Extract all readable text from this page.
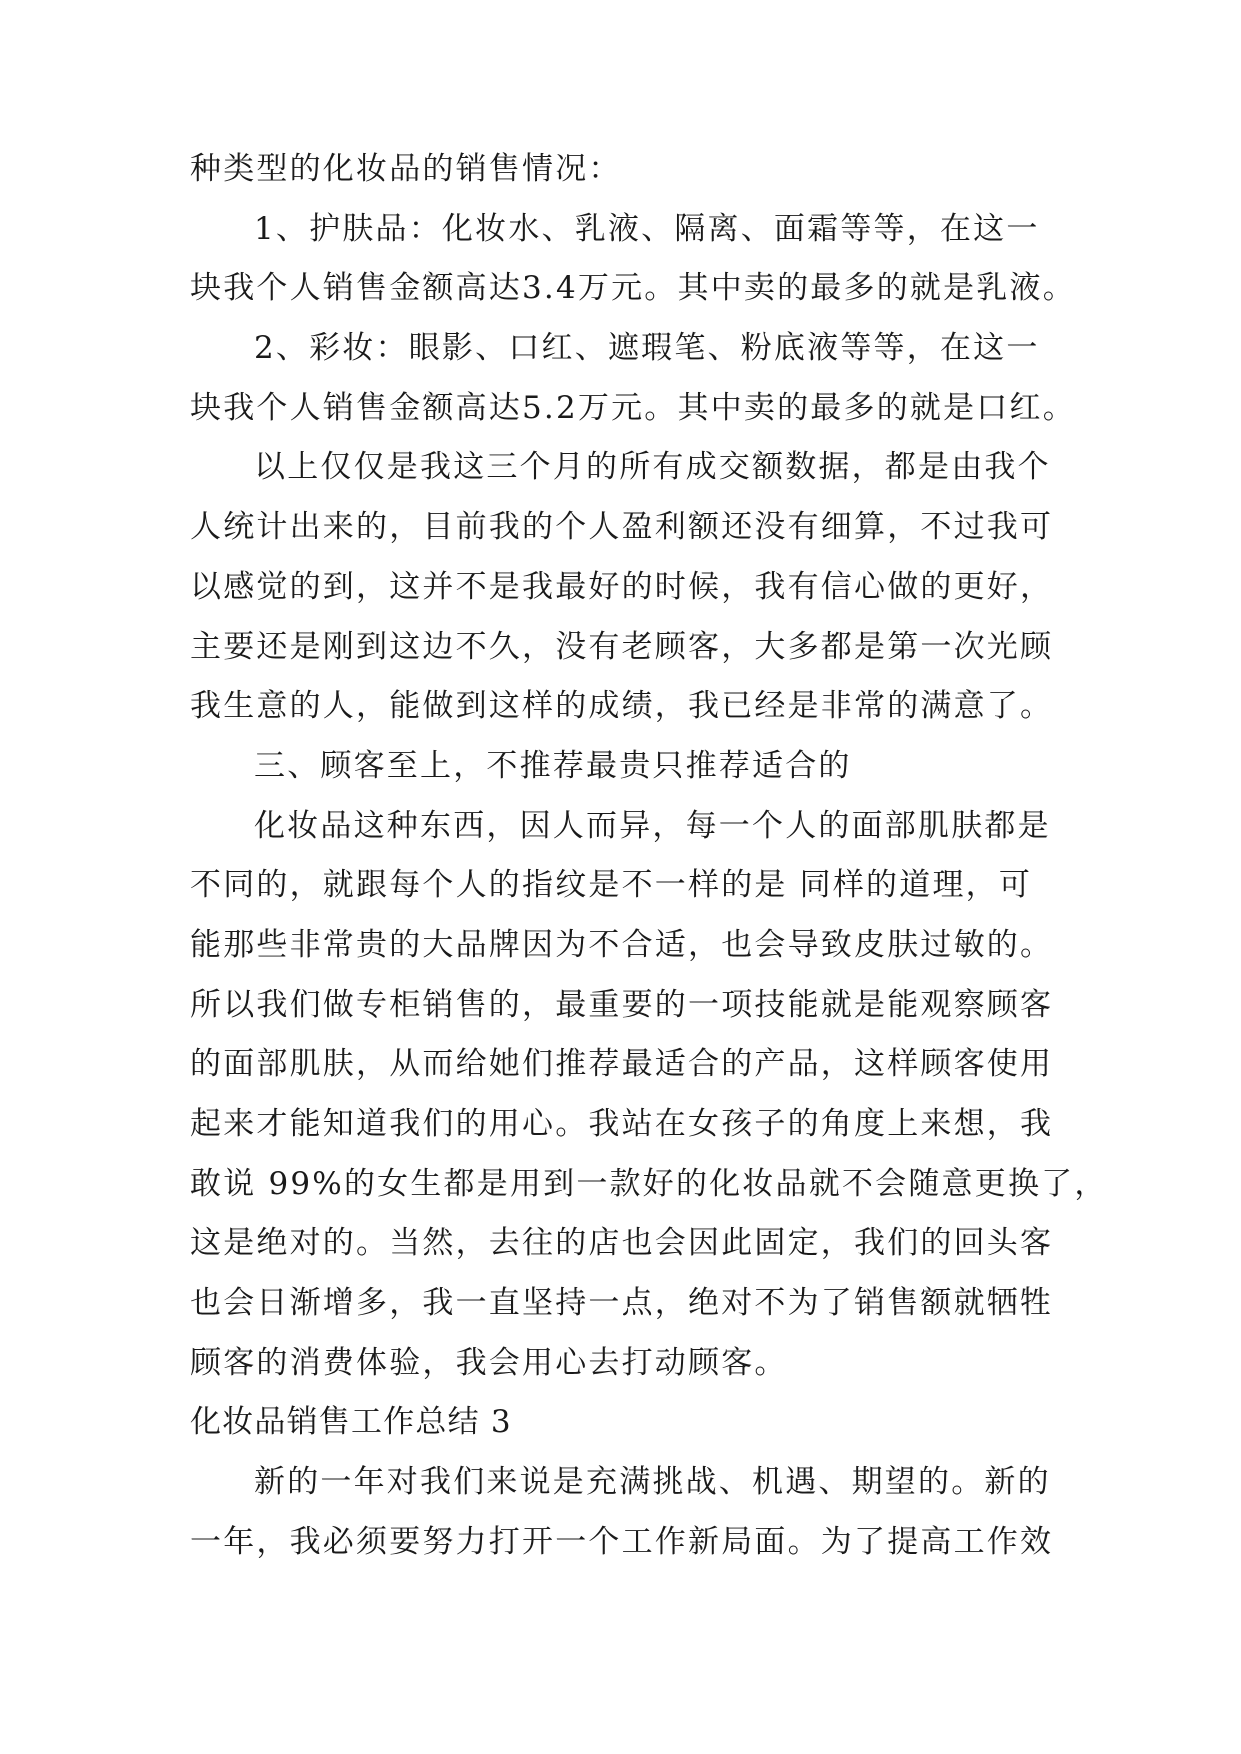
种类型的化妆品的销售情况：
1、护肤品：化妆水、乳液、隔离、面霜等等，在这一
块我个人销售金额高达3.4万元。其中卖的最多的就是乳液。
2、彩妆：眼影、口红、遮瑕笔、粉底液等等，在这一
块我个人销售金额高达5.2万元。其中卖的最多的就是口红。
以上仅仅是我这三个月的所有成交额数据，都是由我个
人统计出来的，目前我的个人盈利额还没有细算，不过我可
以感觉的到，这并不是我最好的时候，我有信心做的更好，
主要还是刚到这边不久，没有老顾客，大多都是第一次光顾
我生意的人，能做到这样的成绩，我已经是非常的满意了。
三、顾客至上，不推荐最贵只推荐适合的
化妆品这种东西，因人而异，每一个人的面部肌肤都是
不同的，就跟每个人的指纹是不一样的是 同样的道理，可
能那些非常贵的大品牌因为不合适，也会导致皮肤过敏的。
所以我们做专柜销售的，最重要的一项技能就是能观察顾客
的面部肌肤，从而给她们推荐最适合的产品，这样顾客使用
起来才能知道我们的用心。我站在女孩子的角度上来想，我
敢说 99%的女生都是用到一款好的化妆品就不会随意更换了，
这是绝对的。当然，去往的店也会因此固定，我们的回头客
也会日渐增多，我一直坚持一点，绝对不为了销售额就牺牲
顾客的消费体验，我会用心去打动顾客。
化妆品销售工作总结 3
新的一年对我们来说是充满挑战、机遇、期望的。新的
一年，我必须要努力打开一个工作新局面。为了提高工作效
